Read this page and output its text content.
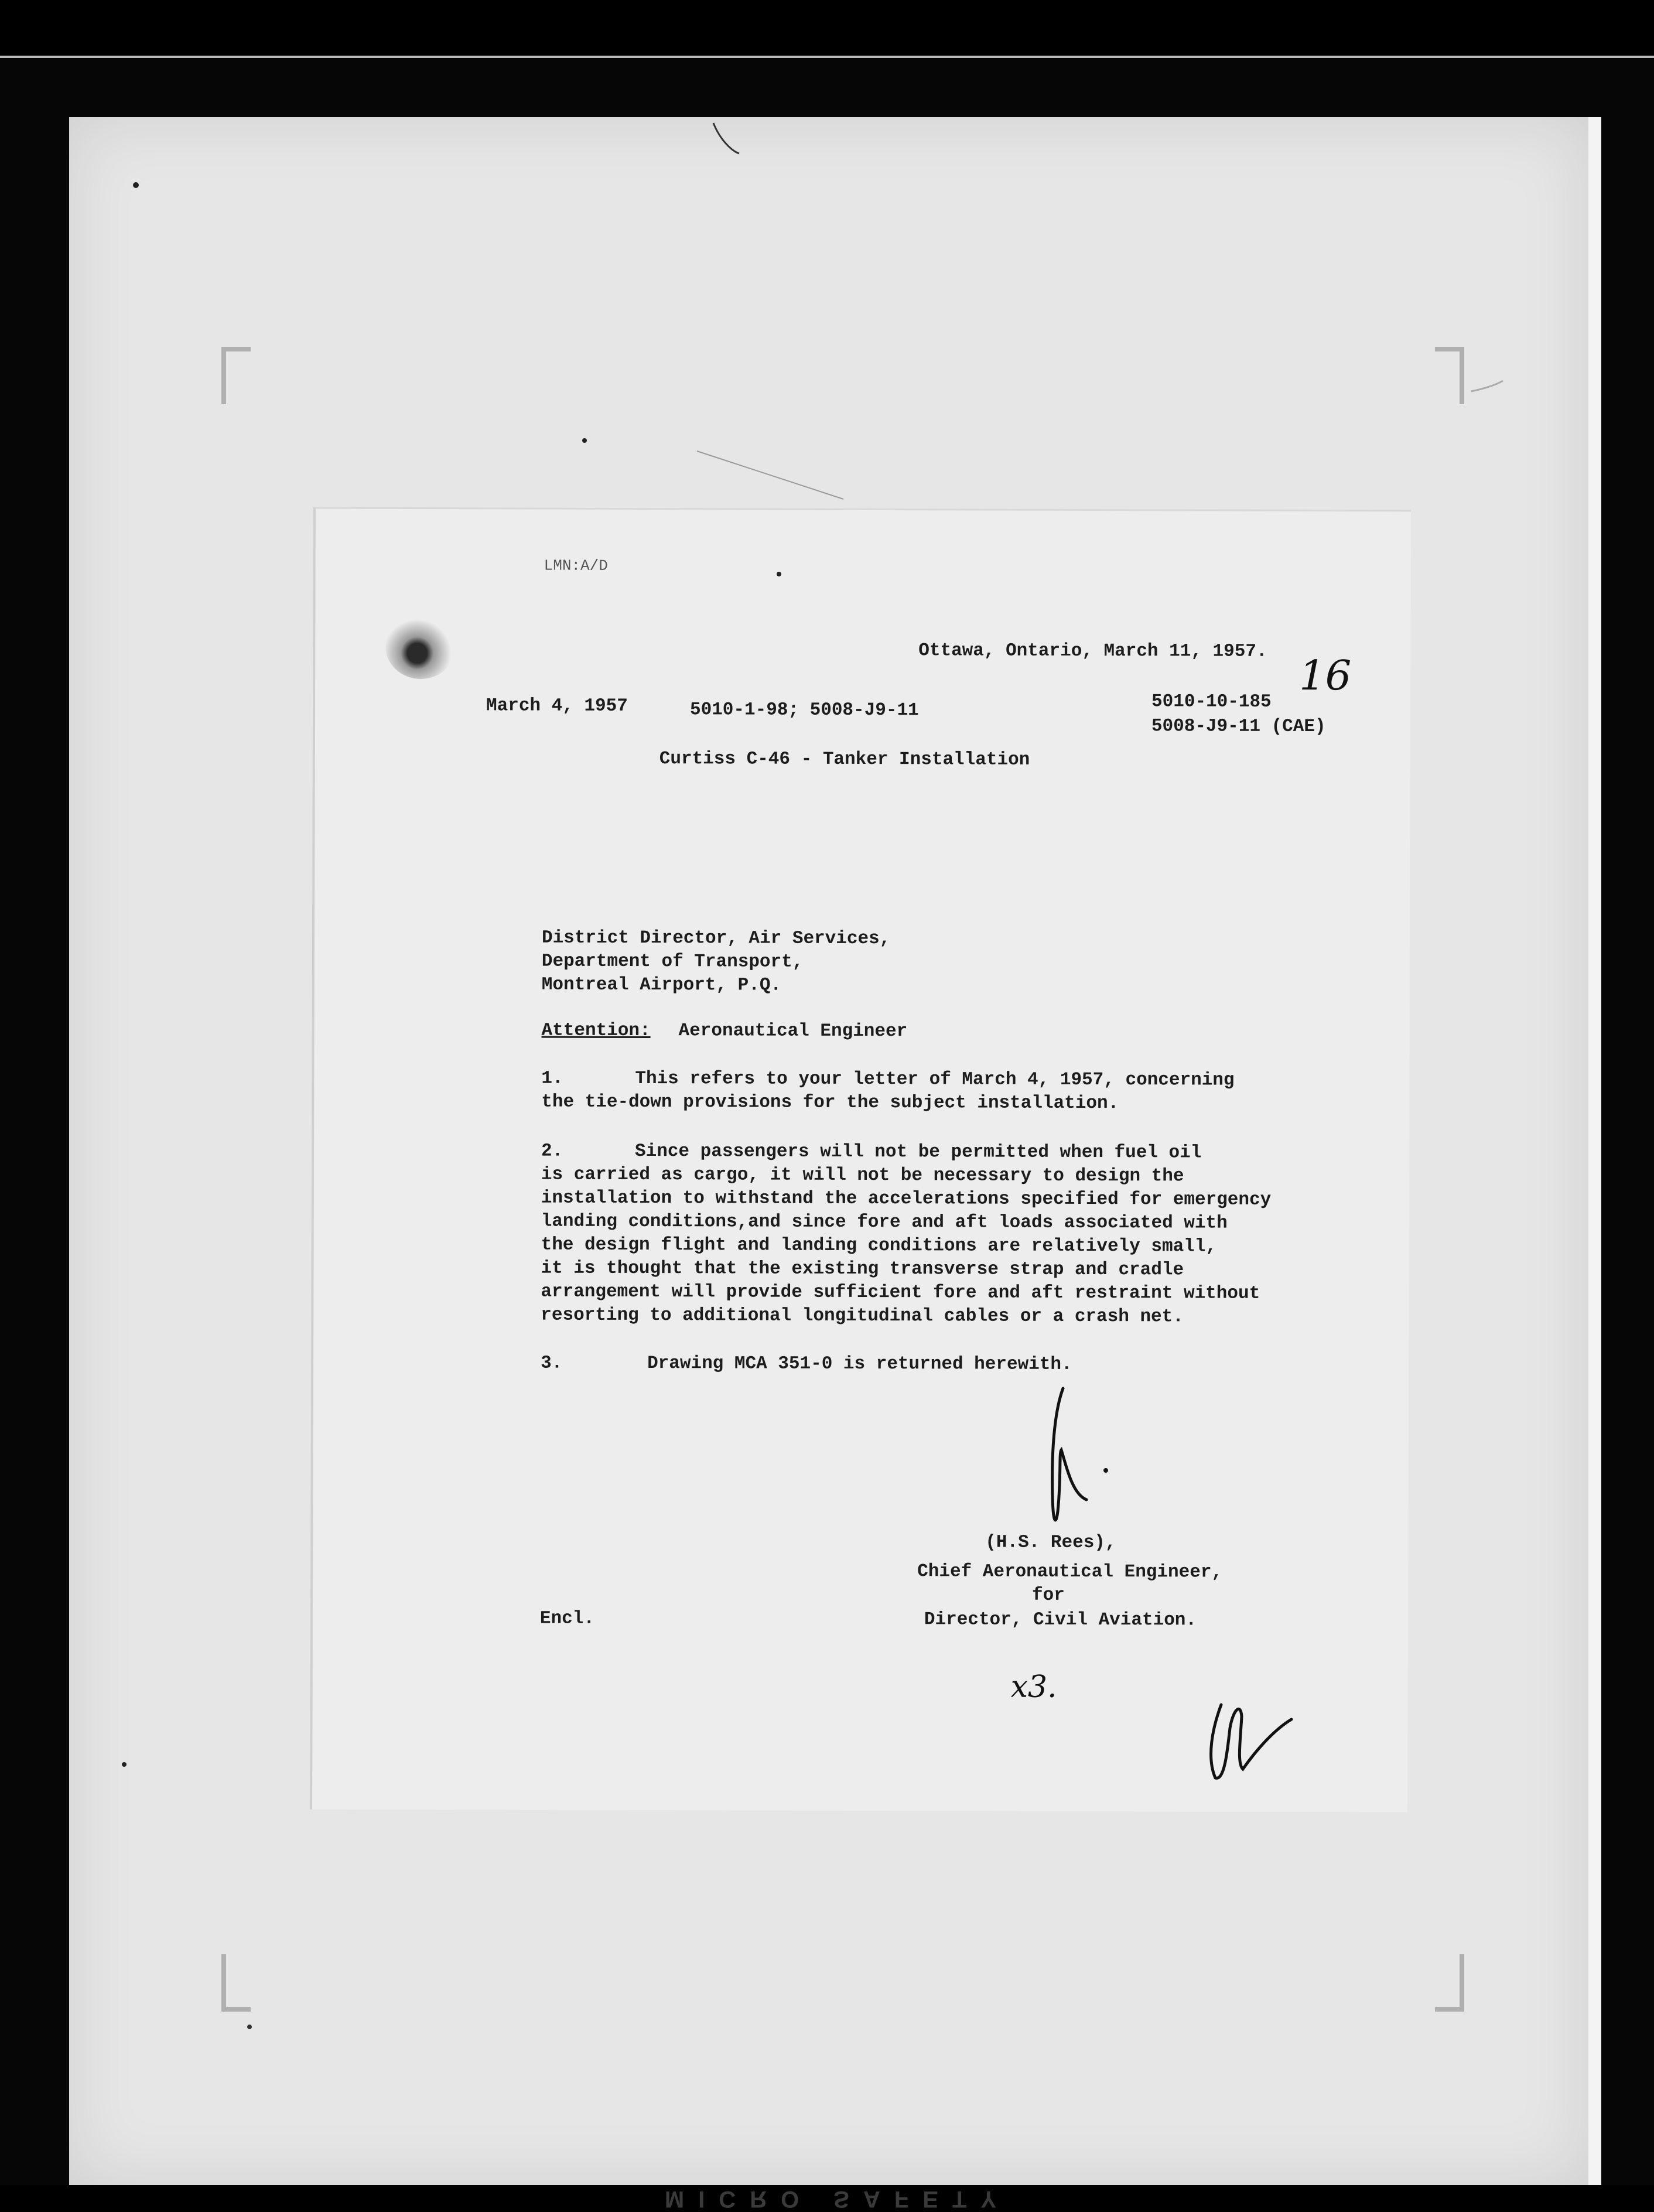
LMN:A/D
Ottawa, Ontario, March 11, 1957.
16
March 4, 1957	5010-1-98; 5008-J9-11	5010-10-185
5008-J9-11 (CAE)
Curtiss C-46 - Tanker Installation
District Director, Air Services,
Department of Transport,
Montreal Airport, P.Q.
Attention: Aeronautical Engineer
1.	This refers to your letter of March 4, 1957, concerning
the tie-down provisions for the subject installation.
2.	Since passengers will not be permitted when fuel oil
is carried as cargo, it will not be necessary to design the
installation to withstand the accelerations specified for emergency
landing conditions,and since fore and aft loads associated with
the design flight and landing conditions are relatively small,
it is thought that the existing transverse strap and cradle
arrangement will provide sufficient fore and aft restraint without
resorting to additional longitudinal cables or a crash net.
3.	Drawing MCA 351-0 is returned herewith.
(H.S. Rees),
Chief Aeronautical Engineer,
for
Director, Civil Aviation.
Encl.
x3.
MICRO SAFETY
